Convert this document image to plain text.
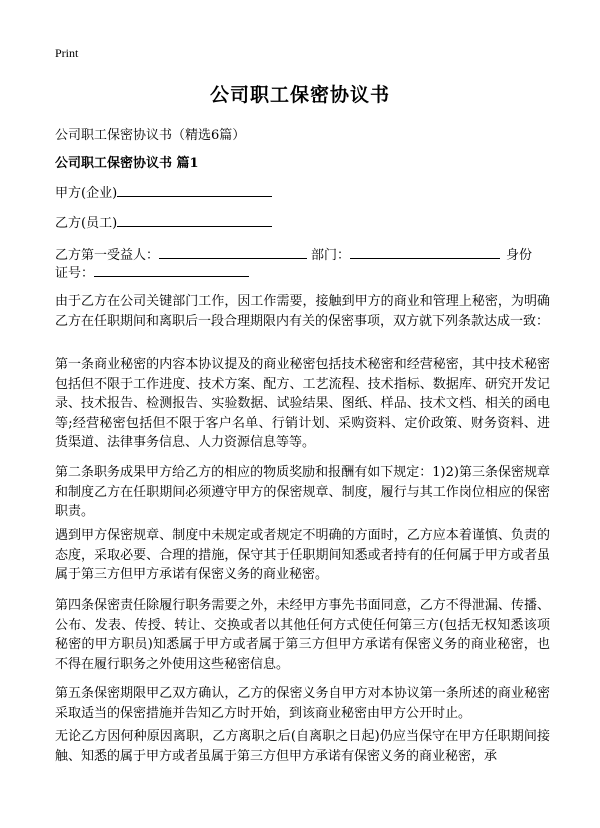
Print
公司职工保密协议书
公司职工保密协议书（精选6篇）
公司职工保密协议书 篇1
甲方(企业)
乙方(员工)
乙方第一受益人：	部门：	身份
证号：

由于乙方在公司关键部门工作，因工作需要，接触到甲方的商业和管理上秘密，为明确乙方在任职期间和离职后一段合理期限内有关的保密事项，双方就下列条款达成一致：

第一条商业秘密的内容本协议提及的商业秘密包括技术秘密和经营秘密，其中技术秘密包括但不限于工作进度、技术方案、配方、工艺流程、技术指标、数据库、研究开发记录、技术报告、检测报告、实验数据、试验结果、图纸、样品、技术文档、相关的函电等;经营秘密包括但不限于客户名单、行销计划、采购资料、定价政策、财务资料、进货渠道、法律事务信息、人力资源信息等等。

第二条职务成果甲方给乙方的相应的物质奖励和报酬有如下规定：1)2)第三条保密规章和制度乙方在任职期间必须遵守甲方的保密规章、制度，履行与其工作岗位相应的保密职责。

遇到甲方保密规章、制度中未规定或者规定不明确的方面时，乙方应本着谨慎、负责的态度，采取必要、合理的措施，保守其于任职期间知悉或者持有的任何属于甲方或者虽属于第三方但甲方承诺有保密义务的商业秘密。

第四条保密责任除履行职务需要之外，未经甲方事先书面同意，乙方不得泄漏、传播、公布、发表、传授、转让、交换或者以其他任何方式使任何第三方(包括无权知悉该项秘密的甲方职员)知悉属于甲方或者属于第三方但甲方承诺有保密义务的商业秘密，也不得在履行职务之外使用这些秘密信息。

第五条保密期限甲乙双方确认，乙方的保密义务自甲方对本协议第一条所述的商业秘密采取适当的保密措施并告知乙方时开始，到该商业秘密由甲方公开时止。

无论乙方因何种原因离职，乙方离职之后(自离职之日起)仍应当保守在甲方任职期间接触、知悉的属于甲方或者虽属于第三方但甲方承诺有保密义务的商业秘密，承
